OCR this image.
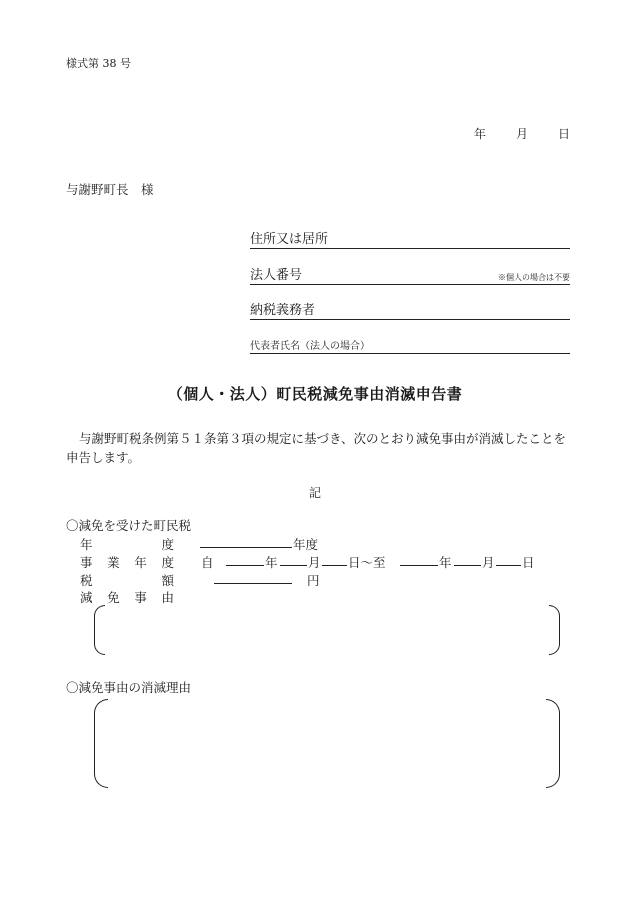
様式第 38 号
年	月	日
与謝野町長　様
住所又は居所
法人番号	※個人の場合は不要
納税義務者
代表者氏名（法人の場合）
（個人・法人）町民税減免事由消滅申告書
与謝野町税条例第５１条第３項の規定に基づき、次のとおり減免事由が消滅したことを申告します。
記
〇減免を受けた町民税
年	度	年度
事 業 年 度 自	年 月 日〜至	年 月 日
税	額	円
減 免 事 由
〇減免事由の消滅理由
